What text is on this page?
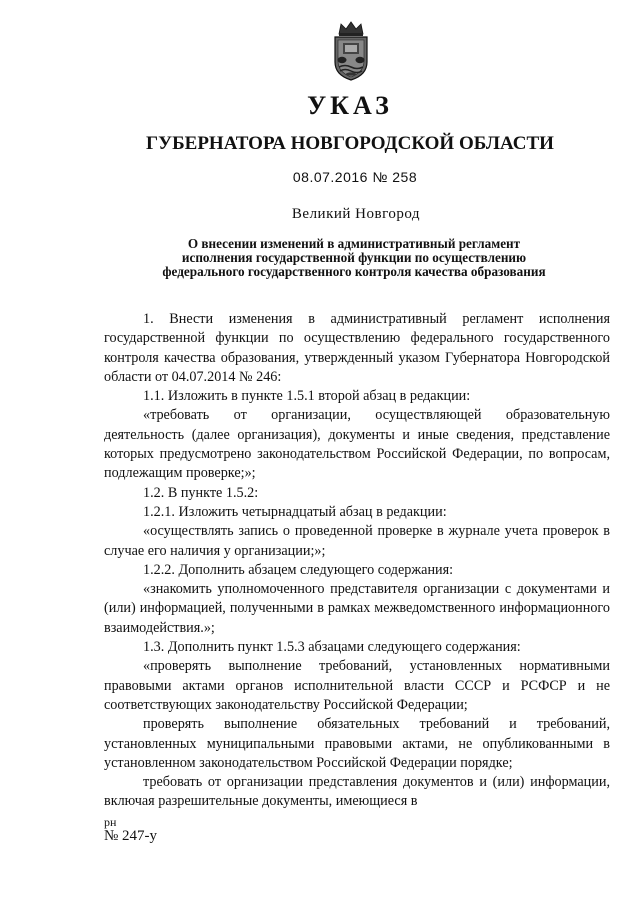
УКАЗ
ГУБЕРНАТОРА НОВГОРОДСКОЙ ОБЛАСТИ
08.07.2016 № 258
Великий Новгород
О внесении изменений в административный регламент
исполнения государственной функции по осуществлению
федерального государственного контроля качества образования

1. Внести изменения в административный регламент исполнения государственной функции по осуществлению федерального государственного контроля качества образования, утвержденный указом Губернатора Новгородской области от 04.07.2014 № 246:

1.1. Изложить в пункте 1.5.1 второй абзац в редакции:

«требовать от организации, осуществляющей образовательную деятельность (далее организация), документы и иные сведения, представление которых предусмотрено законодательством Российской Федерации, по вопросам, подлежащим проверке;»;

1.2. В пункте 1.5.2:

1.2.1. Изложить четырнадцатый абзац в редакции:

«осуществлять запись о проведенной проверке в журнале учета проверок в случае его наличия у организации;»;

1.2.2. Дополнить абзацем следующего содержания:

«знакомить уполномоченного представителя организации с документами и (или) информацией, полученными в рамках межведомственного информационного взаимодействия.»;

1.3. Дополнить пункт 1.5.3 абзацами следующего содержания:

«проверять выполнение требований, установленных нормативными правовыми актами органов исполнительной власти СССР и РСФСР и не соответствующих законодательству Российской Федерации;

проверять выполнение обязательных требований и требований, установленных муниципальными правовыми актами, не опубликованными в установленном законодательством Российской Федерации порядке;

требовать от организации представления документов и (или) информации, включая разрешительные документы, имеющиеся в

рн
№ 247-у
